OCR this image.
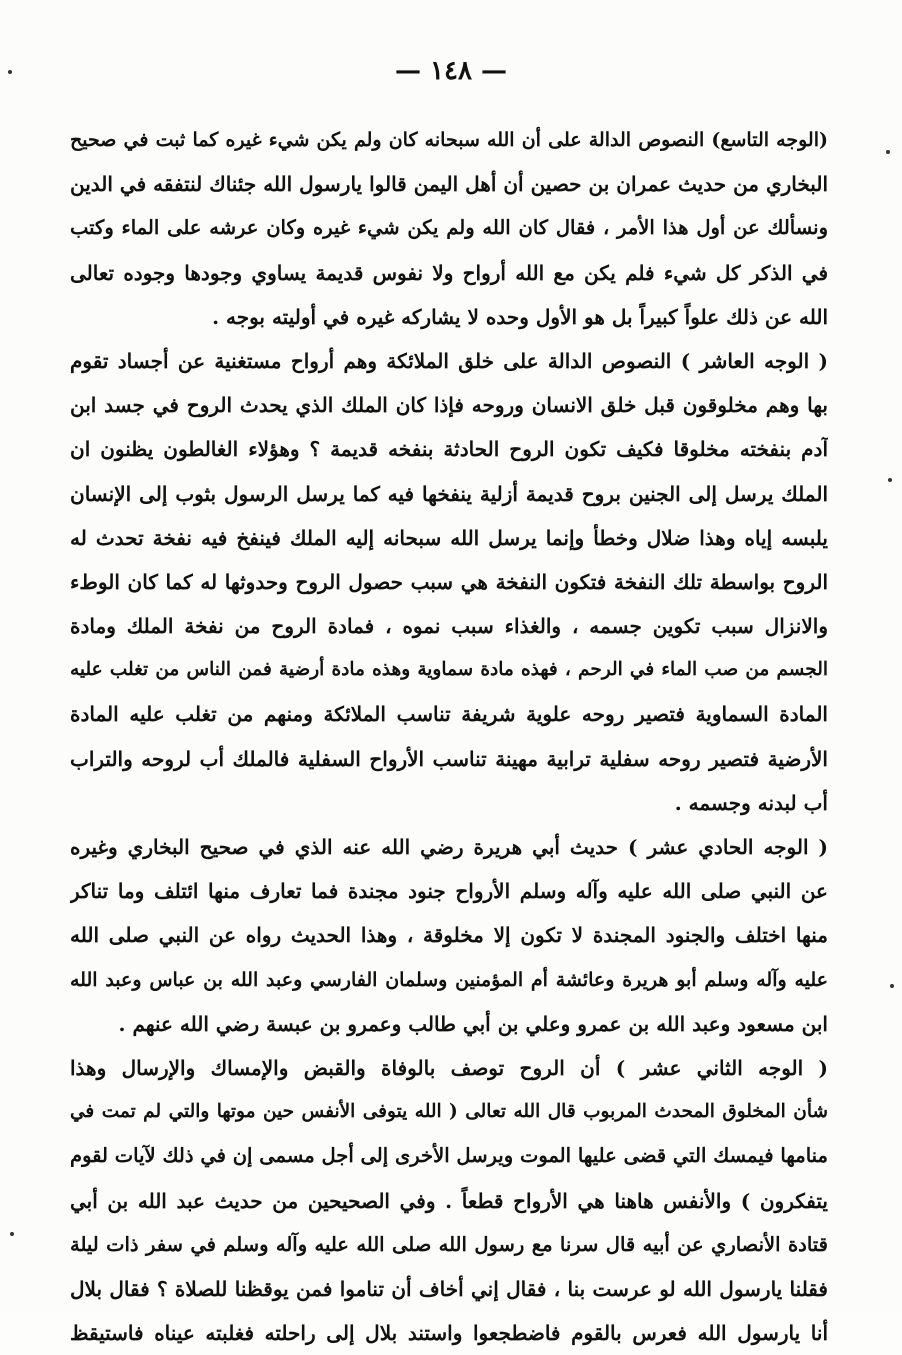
— ١٤٨ —
(الوجه التاسع) النصوص الدالة على أن الله سبحانه كان ولم يكن شيء غيره كما ثبت في صحيح
البخاري من حديث عمران بن حصين أن أهل اليمن قالوا يارسول الله جئناك لنتفقه في الدين
ونسألك عن أول هذا الأمر ، فقال كان الله ولم يكن شيء غيره وكان عرشه على الماء وكتب
في الذكر كل شيء فلم يكن مع الله أرواح ولا نفوس قديمة يساوي وجودها وجوده تعالى
الله عن ذلك علواً كبيراً بل هو الأول وحده لا يشاركه غيره في أوليته بوجه .
( الوجه العاشر ) النصوص الدالة على خلق الملائكة وهم أرواح مستغنية عن أجساد تقوم
بها وهم مخلوقون قبل خلق الانسان وروحه فإذا كان الملك الذي يحدث الروح في جسد ابن
آدم بنفخته مخلوقا فكيف تكون الروح الحادثة بنفخه قديمة ؟ وهؤلاء الغالطون يظنون ان
الملك يرسل إلى الجنين بروح قديمة أزلية ينفخها فيه كما يرسل الرسول بثوب إلى الإنسان
يلبسه إياه وهذا ضلال وخطأ وإنما يرسل الله سبحانه إليه الملك فينفخ فيه نفخة تحدث له
الروح بواسطة تلك النفخة فتكون النفخة هي سبب حصول الروح وحدوثها له كما كان الوطء
والانزال سبب تكوين جسمه ، والغذاء سبب نموه ، فمادة الروح من نفخة الملك ومادة
الجسم من صب الماء في الرحم ، فهذه مادة سماوية وهذه مادة أرضية فمن الناس من تغلب عليه
المادة السماوية فتصير روحه علوية شريفة تناسب الملائكة ومنهم من تغلب عليه المادة
الأرضية فتصير روحه سفلية ترابية مهينة تناسب الأرواح السفلية فالملك أب لروحه والتراب
أب لبدنه وجسمه .
( الوجه الحادي عشر ) حديث أبي هريرة رضي الله عنه الذي في صحيح البخاري وغيره
عن النبي صلى الله عليه وآله وسلم الأرواح جنود مجندة فما تعارف منها ائتلف وما تناكر
منها اختلف والجنود المجندة لا تكون إلا مخلوقة ، وهذا الحديث رواه عن النبي صلى الله
عليه وآله وسلم أبو هريرة وعائشة أم المؤمنين وسلمان الفارسي وعبد الله بن عباس وعبد الله
ابن مسعود وعبد الله بن عمرو وعلي بن أبي طالب وعمرو بن عبسة رضي الله عنهم .
( الوجه الثاني عشر ) أن الروح توصف بالوفاة والقبض والإمساك والإرسال وهذا
شأن المخلوق المحدث المربوب قال الله تعالى ( الله يتوفى الأنفس حين موتها والتي لم تمت في
منامها فيمسك التي قضى عليها الموت ويرسل الأخرى إلى أجل مسمى إن في ذلك لآيات لقوم
يتفكرون ) والأنفس هاهنا هي الأرواح قطعاً . وفي الصحيحين من حديث عبد الله بن أبي
قتادة الأنصاري عن أبيه قال سرنا مع رسول الله صلى الله عليه وآله وسلم في سفر ذات ليلة
فقلنا يارسول الله لو عرست بنا ، فقال إني أخاف أن تناموا فمن يوقظنا للصلاة ؟ فقال بلال
أنا يارسول الله فعرس بالقوم فاضطجعوا واستند بلال إلى راحلته فغلبته عيناه فاستيقظ
